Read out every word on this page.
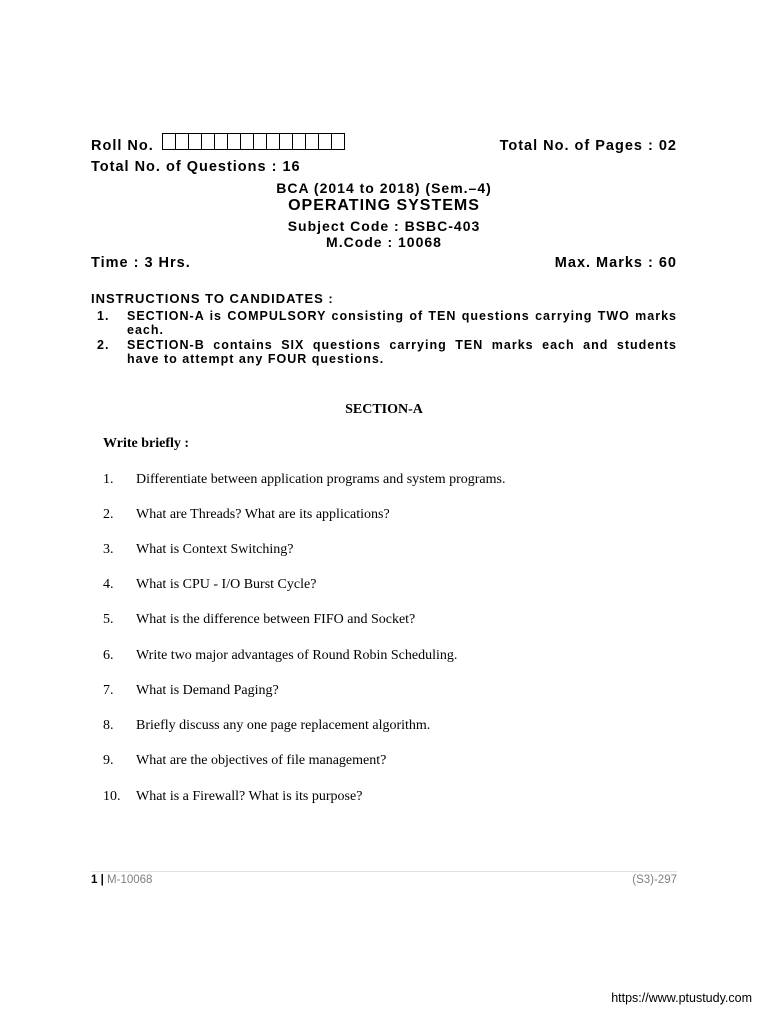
Roll No.	Total No. of Pages : 02
Total No. of Questions : 16
BCA (2014 to 2018) (Sem.–4)
OPERATING SYSTEMS
Subject Code : BSBC-403
M.Code : 10068
Time : 3 Hrs.	Max. Marks : 60
INSTRUCTIONS TO CANDIDATES :
1.	SECTION-A is COMPULSORY consisting of TEN questions carrying TWO marks each.
2.	SECTION-B contains SIX questions carrying TEN marks each and students have to attempt any FOUR questions.
SECTION-A
Write briefly :
1. Differentiate between application programs and system programs.
2. What are Threads? What are its applications?
3. What is Context Switching?
4. What is CPU - I/O Burst Cycle?
5. What is the difference between FIFO and Socket?
6. Write two major advantages of Round Robin Scheduling.
7. What is Demand Paging?
8. Briefly discuss any one page replacement algorithm.
9. What are the objectives of file management?
10. What is a Firewall? What is its purpose?
1 | M-10068	(S3)-297
https://www.ptustudy.com
